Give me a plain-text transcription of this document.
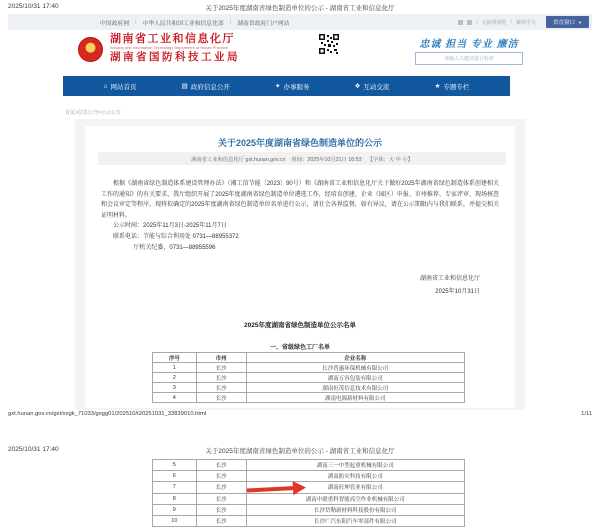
2025/10/31 17:40	关于2025年度湖南省绿色制造单位的公示 - 湖南省工业和信息化厅
中国政府网 | 中华人民共和国工业和信息化部 | 湖南省政府门户网站	| 无障碍浏览 | 繁体中文	省直窗口 ▼
湖南省工业和信息化厅
Industry and Information Technology Department of Hunan Province
湖南省国防科技工业局
忠诚 担当 专业 廉洁
请输入关键词进行检索
⌂ 网站首页	▤ 政府信息公开	✦ 办事服务	❖ 互动交流	★ 专题专栏
首页>信息公开>公示公告
关于2025年度湖南省绿色制造单位的公示
湖南省工业和信息化厅 gxt.hunan.gov.cn 时间：2025年10月31日 16:53 【字体：大 中 小】

根据《湖南省绿色制造体系建设管理办法》（湘工信节能〔2023〕90号）和《湖南省工业和信息化厅关于做好2025年湖南省绿色制造体系创建相关工作的通知》的有关要求，我厅组织开展了2025年度湖南省绿色制造单位遴选工作，经培育创建、企业（园区）申报、市州推荐、专家评审、现场核查和会议审定等程序，现将拟确定的2025年度湖南省绿色制造单位名单进行公示，请社会各界监督，如有异议，请在公示期限内与我们联系，并提交相关证明材料。

公示时间：2025年11月3日-2025年11月7日

联系电话：节能与综合利用处 0731—88955372

厅机关纪委，0731—88955596

湖南省工业和信息化厅
2025年10月31日
2025年度湖南省绿色制造单位公示名单
一、省级绿色工厂名单
序号	市州	企业名称
1	长沙	长沙普惠环保机械有限公司
2	长沙	湖南万容包装有限公司
3	长沙	湖南恒茂信息技术有限公司
4	长沙	湖南电源新材料有限公司
gxt.hunan.gov.cn/gxt/xxgk_71033/gsgg01/202510/t20251031_33839010.html	1/11
2025/10/31 17:40	关于2025年度湖南省绿色制造单位的公示 - 湖南省工业和信息化厅
5	长沙	湖南三一中型起重机械有限公司
6	长沙	湖南防灾科技有限公司
7	长沙	湖南旺坤管业有限公司
8	长沙	湖南中联重科智能高空作业机械有限公司
9	长沙	长沙岱勒新材料科技股份有限公司
10	长沙	长沙广汽东阳汽车零部件有限公司
